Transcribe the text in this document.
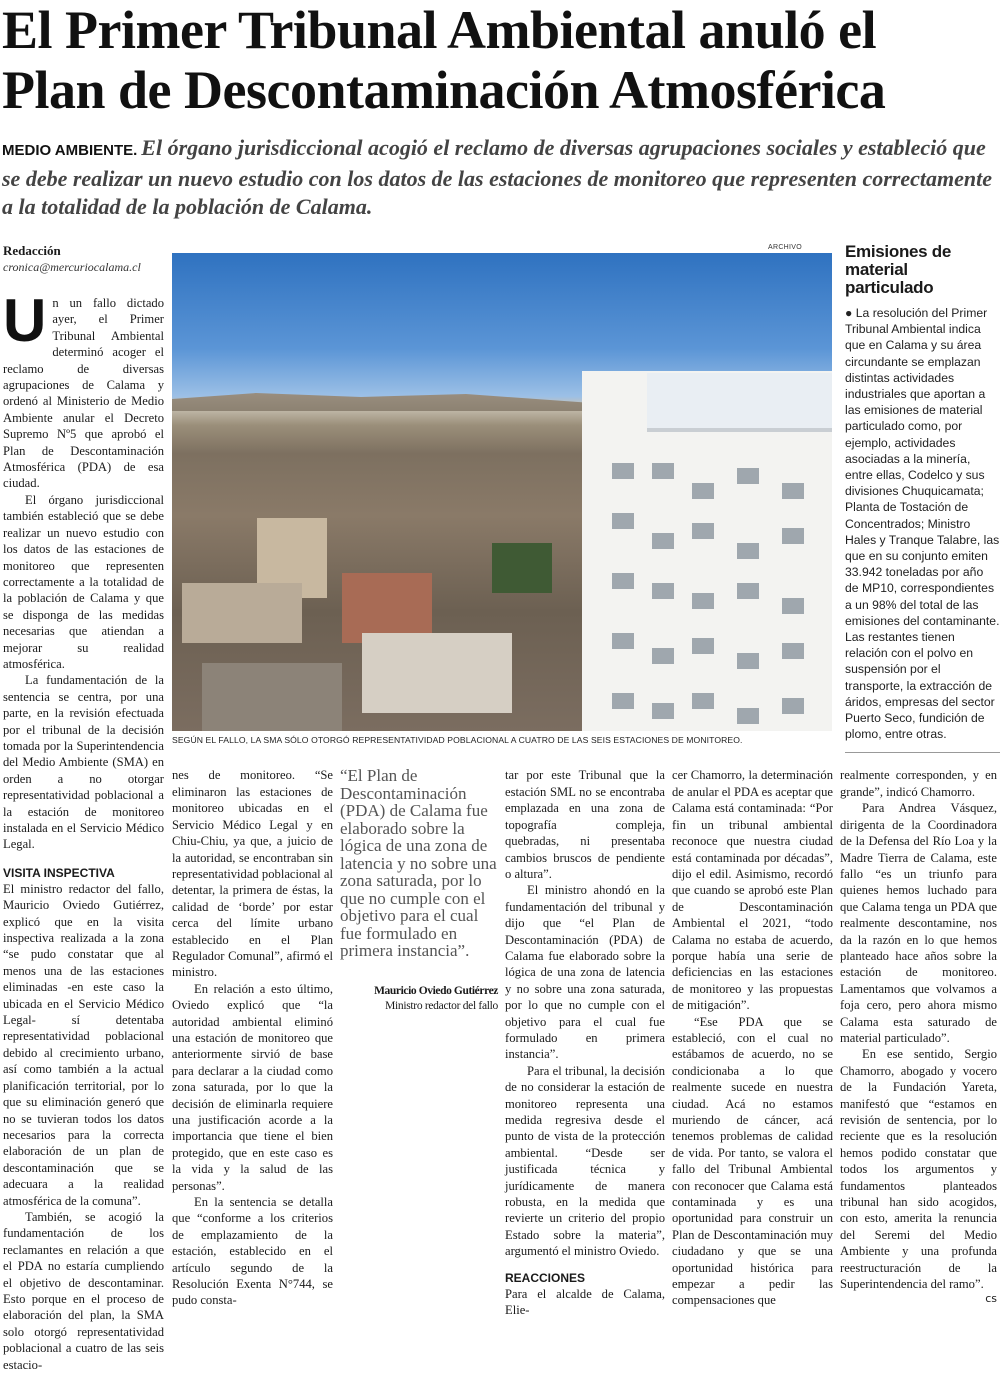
El Primer Tribunal Ambiental anuló el
Plan de Descontaminación Atmosférica

MEDIO AMBIENTE. El órgano jurisdiccional acogió el reclamo de diversas agrupaciones sociales y estableció que se debe realizar un nuevo estudio con los datos de las estaciones de monitoreo que representen correctamente a la totalidad de la población de Calama.

Redacción
cronica@mercuriocalama.cl
U n un fallo dictado ayer, el Primer Tribunal Ambiental determinó acoger el reclamo de diversas agrupaciones de Calama y ordenó al Ministerio de Medio Ambiente anular el Decreto Supremo Nº5 que aprobó el Plan de Descontaminación Atmosférica (PDA) de esa ciudad.

El órgano jurisdiccional también estableció que se debe realizar un nuevo estudio con los datos de las estaciones de monitoreo que representen correctamente a la totalidad de la población de Calama y que se disponga de las medidas necesarias que atiendan a mejorar su realidad atmosférica.

La fundamentación de la sentencia se centra, por una parte, en la revisión efectuada por el tribunal de la decisión tomada por la Superintendencia del Medio Ambiente (SMA) en orden a no otorgar representatividad poblacional a la estación de monitoreo instalada en el Servicio Médico Legal.

VISITA INSPECTIVA

El ministro redactor del fallo, Mauricio Oviedo Gutiérrez, explicó que en la visita inspectiva realizada a la zona “se pudo constatar que al menos una de las estaciones eliminadas -en este caso la ubicada en el Servicio Médico Legal- sí detentaba representatividad poblacional debido al crecimiento urbano, así como también a la actual planificación territorial, por lo que su eliminación generó que no se tuvieran todos los datos necesarios para la correcta elaboración de un plan de descontaminación que se adecuara a la realidad atmosférica de la comuna”.

También, se acogió la fundamentación de los reclamantes en relación a que el PDA no estaría cumpliendo el objetivo de descontaminar. Esto porque en el proceso de elaboración del plan, la SMA solo otorgó representatividad poblacional a cuatro de las seis estacio-

ARCHIVO
SEGÚN EL FALLO, LA SMA SÓLO OTORGÓ REPRESENTATIVIDAD POBLACIONAL A CUATRO DE LAS SEIS ESTACIONES DE MONITOREO.
Emisiones de material particulado

● La resolución del Primer Tribunal Ambiental indica que en Calama y su área circundante se emplazan distintas actividades industriales que aportan a las emisiones de material particulado como, por ejemplo, actividades asociadas a la minería, entre ellas, Codelco y sus divisiones Chuquicamata; Planta de Tostación de Concentrados; Ministro Hales y Tranque Talabre, las que en su conjunto emiten 33.942 toneladas por año de MP10, correspondientes a un 98% del total de las emisiones del contaminante. Las restantes tienen relación con el polvo en suspensión por el transporte, la extracción de áridos, empresas del sector Puerto Seco, fundición de plomo, entre otras.

nes de monitoreo. “Se eliminaron las estaciones de monitoreo ubicadas en el Servicio Médico Legal y en Chiu-Chiu, ya que, a juicio de la autoridad, se encontraban sin representatividad poblacional al detentar, la primera de éstas, la calidad de ‘borde’ por estar cerca del límite urbano establecido en el Plan Regulador Comunal”, afirmó el ministro.

En relación a esto último, Oviedo explicó que “la autoridad ambiental eliminó una estación de monitoreo que anteriormente sirvió de base para declarar a la ciudad como zona saturada, por lo que la decisión de eliminarla requiere una justificación acorde a la importancia que tiene el bien protegido, que en este caso es la vida y la salud de las personas”.

En la sentencia se detalla que “conforme a los criterios de emplazamiento de la estación, establecido en el artículo segundo de la Resolución Exenta N°744, se pudo consta-

“El Plan de Descontaminación (PDA) de Calama fue elaborado sobre la lógica de una zona de latencia y no sobre una zona saturada, por lo que no cumple con el objetivo para el cual fue formulado en primera instancia”.
Mauricio Oviedo Gutiérrez
Ministro redactor del fallo

tar por este Tribunal que la estación SML no se encontraba emplazada en una zona de topografía compleja, quebradas, ni presentaba cambios bruscos de pendiente o altura”.

El ministro ahondó en la fundamentación del tribunal y dijo que “el Plan de Descontaminación (PDA) de Calama fue elaborado sobre la lógica de una zona de latencia y no sobre una zona saturada, por lo que no cumple con el objetivo para el cual fue formulado en primera instancia”.

Para el tribunal, la decisión de no considerar la estación de monitoreo representa una medida regresiva desde el punto de vista de la protección ambiental. “Desde ser justificada técnica y jurídicamente de manera robusta, en la medida que revierte un criterio del propio Estado sobre la materia”, argumentó el ministro Oviedo.

REACCIONES

Para el alcalde de Calama, Elie-

cer Chamorro, la determinación de anular el PDA es aceptar que Calama está contaminada: “Por fin un tribunal ambiental reconoce que nuestra ciudad está contaminada por décadas”, dijo el edil. Asimismo, recordó que cuando se aprobó este Plan de Descontaminación Ambiental el 2021, “todo Calama no estaba de acuerdo, porque había una serie de deficiencias en las estaciones de monitoreo y las propuestas de mitigación”.

“Ese PDA que se estableció, con el cual no estábamos de acuerdo, no se condicionaba a lo que realmente sucede en nuestra ciudad. Acá no estamos muriendo de cáncer, acá tenemos problemas de calidad de vida. Por tanto, se valora el fallo del Tribunal Ambiental con reconocer que Calama está contaminada y es una oportunidad para construir un Plan de Descontaminación muy ciudadano y que se una oportunidad histórica para empezar a pedir las compensaciones que

realmente corresponden, y en grande”, indicó Chamorro.

Para Andrea Vásquez, dirigenta de la Coordinadora de la Defensa del Río Loa y la Madre Tierra de Calama, este fallo “es un triunfo para quienes hemos luchado para que Calama tenga un PDA que realmente descontamine, nos da la razón en lo que hemos planteado hace años sobre la estación de monitoreo. Lamentamos que volvamos a foja cero, pero ahora mismo Calama esta saturado de material particulado”.

En ese sentido, Sergio Chamorro, abogado y vocero de la Fundación Yareta, manifestó que “estamos en revisión de sentencia, por lo reciente que es la resolución hemos podido constatar que todos los argumentos y fundamentos planteados tribunal han sido acogidos, con esto, amerita la renuncia del Seremi del Medio Ambiente y una profunda reestructuración de la Superintendencia del ramo”.

cs
